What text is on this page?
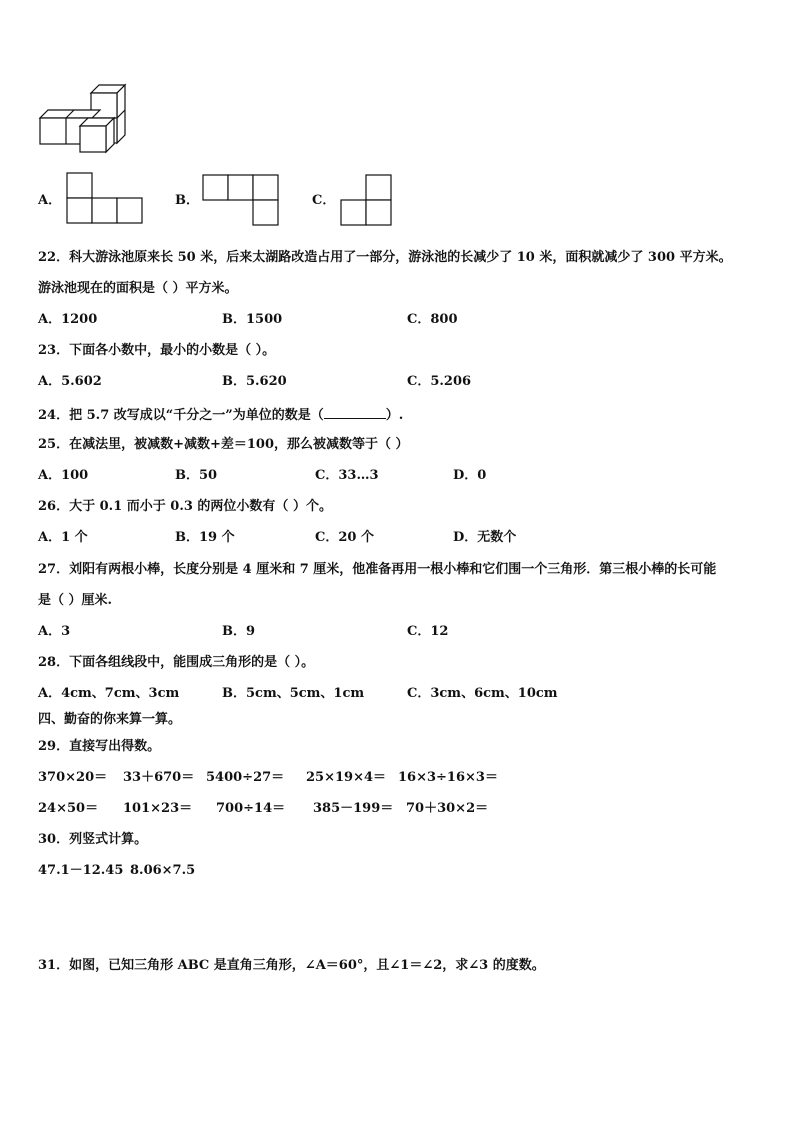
A．	B．	C．
22．科大游泳池原来长 50 米，后来太湖路改造占用了一部分，游泳池的长减少了 10 米，面积就减少了 300 平方米。
游泳池现在的面积是（ ）平方米。
A．1200	B．1500	C．800
23．下面各小数中，最小的小数是（ ）。
A．5.602	B．5.620	C．5.206
24．把 5.7 改写成以“千分之一”为单位的数是（	）.
25．在减法里，被减数+减数+差＝100，那么被减数等于（ ）
A．100	B．50	C．33…3	D．0
26．大于 0.1 而小于 0.3 的两位小数有（ ）个。
A．1 个	B．19 个	C．20 个	D．无数个
27．刘阳有两根小棒，长度分别是 4 厘米和 7 厘米，他准备再用一根小棒和它们围一个三角形．第三根小棒的长可能
是（ ）厘米.
A．3	B．9	C．12
28．下面各组线段中，能围成三角形的是（ ）。
A．4cm、7cm、3cm	B．5cm、5cm、1cm	C．3cm、6cm、10cm
四、勤奋的你来算一算。
29．直接写出得数。
370×20＝ 33＋670＝ 5400÷27＝ 25×19×4＝ 16×3÷16×3＝
24×50＝ 101×23＝ 700÷14＝ 385－199＝ 70＋30×2＝
30．列竖式计算。
47.1－12.45 8.06×7.5
31．如图，已知三角形 ABC 是直角三角形，∠A＝60°，且∠1＝∠2，求∠3 的度数。
